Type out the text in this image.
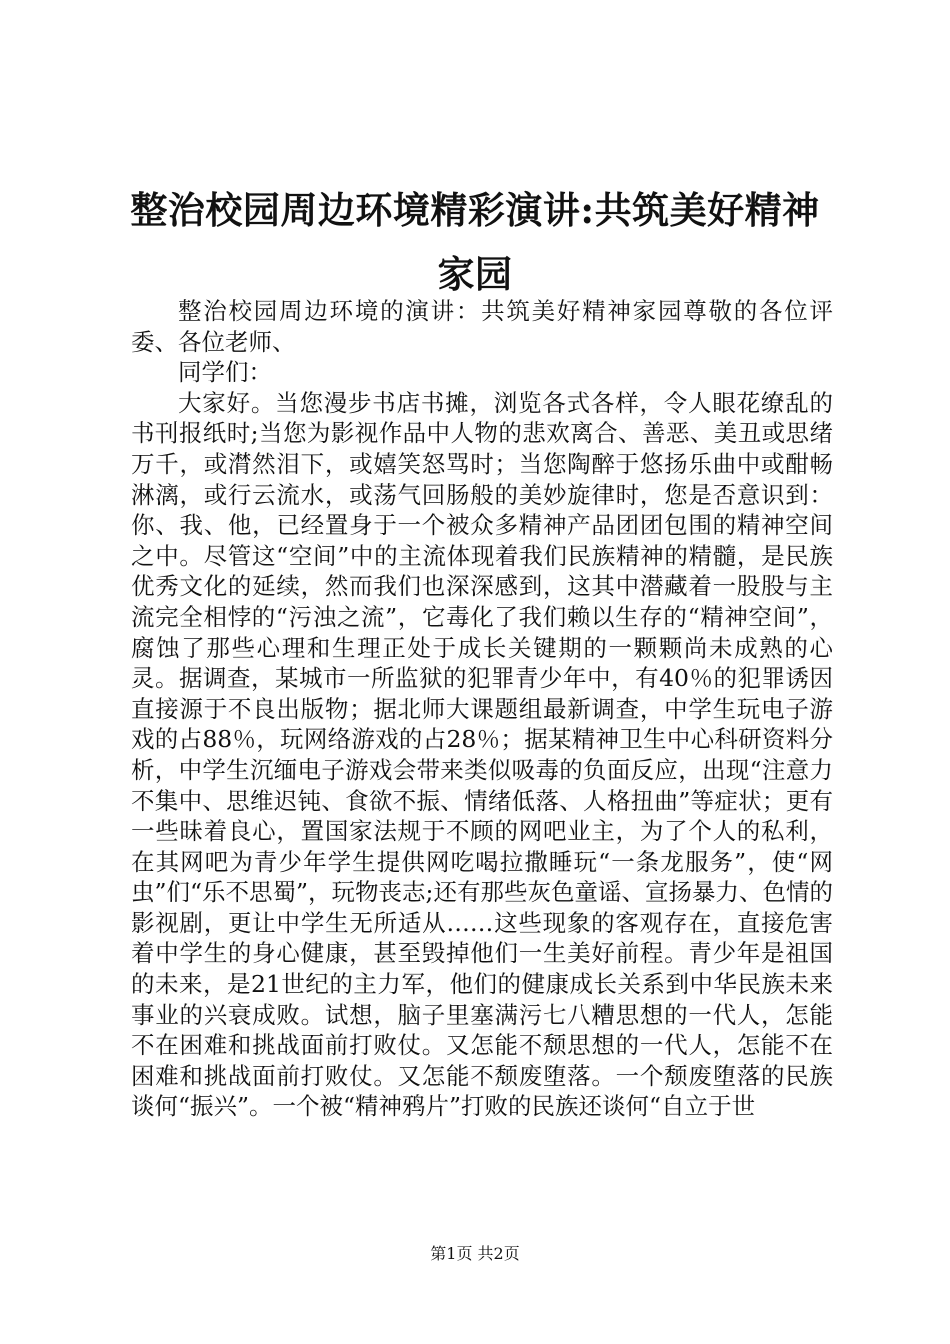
整治校园周边环境精彩演讲:共筑美好精神家园

整治校园周边环境的演讲：共筑美好精神家园尊敬的各位评委、各位老师、

同学们：

大家好。当您漫步书店书摊，浏览各式各样，令人眼花缭乱的书刊报纸时;当您为影视作品中人物的悲欢离合、善恶、美丑或思绪万千，或潸然泪下，或嬉笑怒骂时；当您陶醉于悠扬乐曲中或酣畅淋漓，或行云流水，或荡气回肠般的美妙旋律时，您是否意识到：你、我、他，已经置身于一个被众多精神产品团团包围的精神空间之中。尽管这“空间”中的主流体现着我们民族精神的精髓，是民族优秀文化的延续，然而我们也深深感到，这其中潜藏着一股股与主流完全相悖的“污浊之流”，它毒化了我们赖以生存的“精神空间”，腐蚀了那些心理和生理正处于成长关键期的一颗颗尚未成熟的心灵。据调查，某城市一所监狱的犯罪青少年中，有40％的犯罪诱因直接源于不良出版物；据北师大课题组最新调查，中学生玩电子游戏的占88％，玩网络游戏的占28％；据某精神卫生中心科研资料分析，中学生沉缅电子游戏会带来类似吸毒的负面反应，出现“注意力不集中、思维迟钝、食欲不振、情绪低落、人格扭曲”等症状；更有一些昧着良心，置国家法规于不顾的网吧业主，为了个人的私利，在其网吧为青少年学生提供网吃喝拉撒睡玩“一条龙服务”，使“网虫”们“乐不思蜀”，玩物丧志;还有那些灰色童谣、宣扬暴力、色情的影视剧，更让中学生无所适从……这些现象的客观存在，直接危害着中学生的身心健康，甚至毁掉他们一生美好前程。青少年是祖国的未来，是21世纪的主力军，他们的健康成长关系到中华民族未来事业的兴衰成败。试想，脑子里塞满污七八糟思想的一代人，怎能不在困难和挑战面前打败仗。又怎能不颓思想的一代人，怎能不在困难和挑战面前打败仗。又怎能不颓废堕落。一个颓废堕落的民族谈何“振兴”。一个被“精神鸦片”打败的民族还谈何“自立于世

第1页 共2页
